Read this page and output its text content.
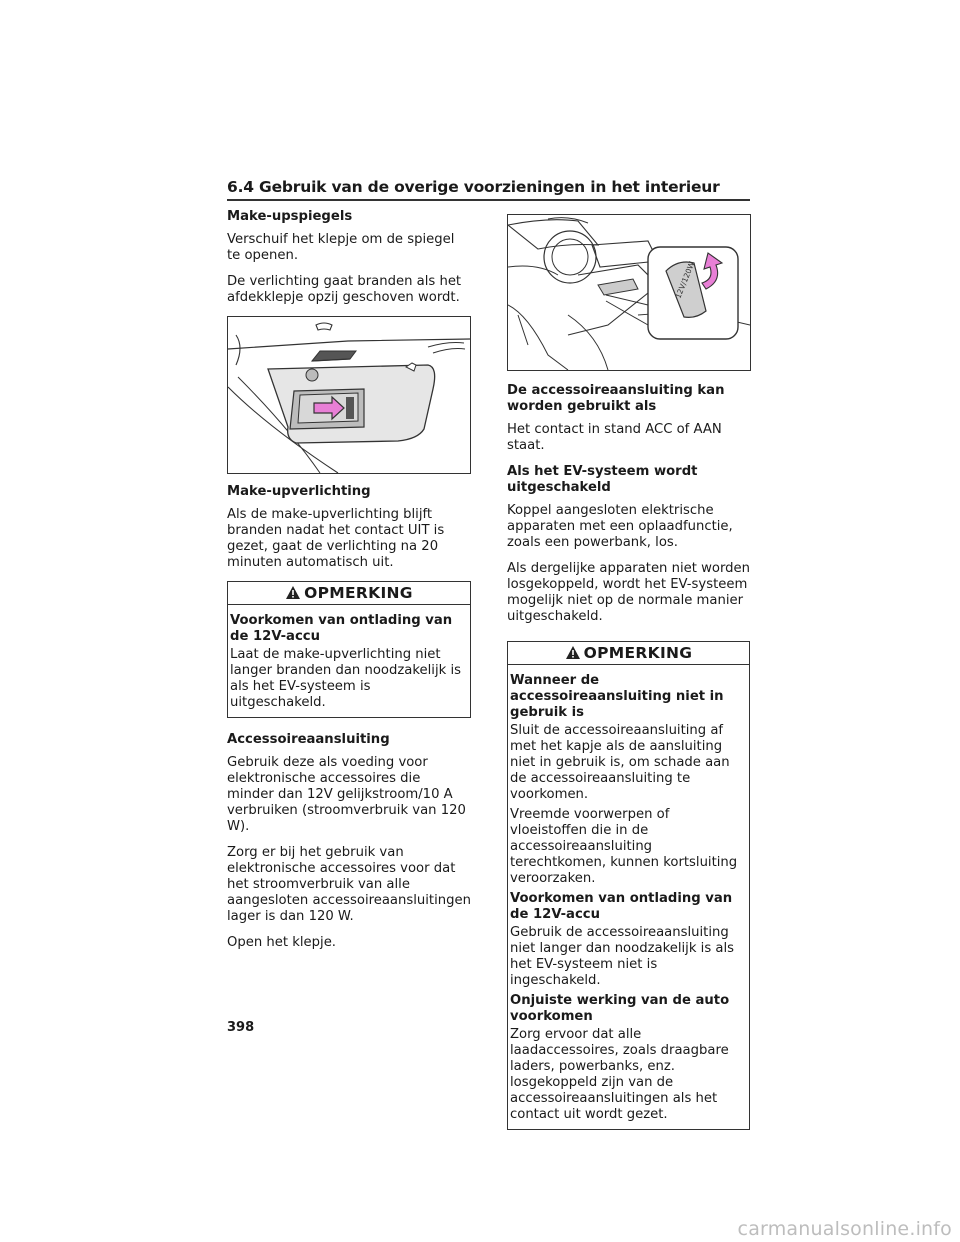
6.4 Gebruik van de overige voorzieningen in het interieur
Make-upspiegels

Verschuif het klepje om de spiegel te openen.

De verlichting gaat branden als het afdekklepje opzij geschoven wordt.

Make-upverlichting

Als de make-upverlichting blijft branden nadat het contact UIT is gezet, gaat de verlichting na 20 minuten automatisch uit.

OPMERKING
Voorkomen van ontlading van de 12V-accu

Laat de make-upverlichting niet langer branden dan noodzakelijk is als het EV-systeem is uitgeschakeld.

Accessoireaansluiting

Gebruik deze als voeding voor elektronische accessoires die minder dan 12V gelijkstroom/10 A verbruiken (stroomverbruik van 120 W).

Zorg er bij het gebruik van elektronische accessoires voor dat het stroomverbruik van alle aangesloten accessoireaansluitingen lager is dan 120 W.

Open het klepje.

12V/120W
De accessoireaansluiting kan worden gebruikt als

Het contact in stand ACC of AAN staat.

Als het EV-systeem wordt uitgeschakeld

Koppel aangesloten elektrische apparaten met een oplaadfunctie, zoals een powerbank, los.

Als dergelijke apparaten niet worden losgekoppeld, wordt het EV-systeem mogelijk niet op de normale manier uitgeschakeld.

OPMERKING
Wanneer de accessoireaansluiting niet in gebruik is

Sluit de accessoireaansluiting af met het kapje als de aansluiting niet in gebruik is, om schade aan de accessoireaansluiting te voorkomen.

Vreemde voorwerpen of vloeistoffen die in de accessoireaansluiting terechtkomen, kunnen kortsluiting veroorzaken.

Voorkomen van ontlading van de 12V-accu

Gebruik de accessoireaansluiting niet langer dan noodzakelijk is als het EV-systeem niet is ingeschakeld.

Onjuiste werking van de auto voorkomen

Zorg ervoor dat alle laadaccessoires, zoals draagbare laders, powerbanks, enz. losgekoppeld zijn van de accessoireaansluitingen als het contact uit wordt gezet.

398
carmanualsonline.info
